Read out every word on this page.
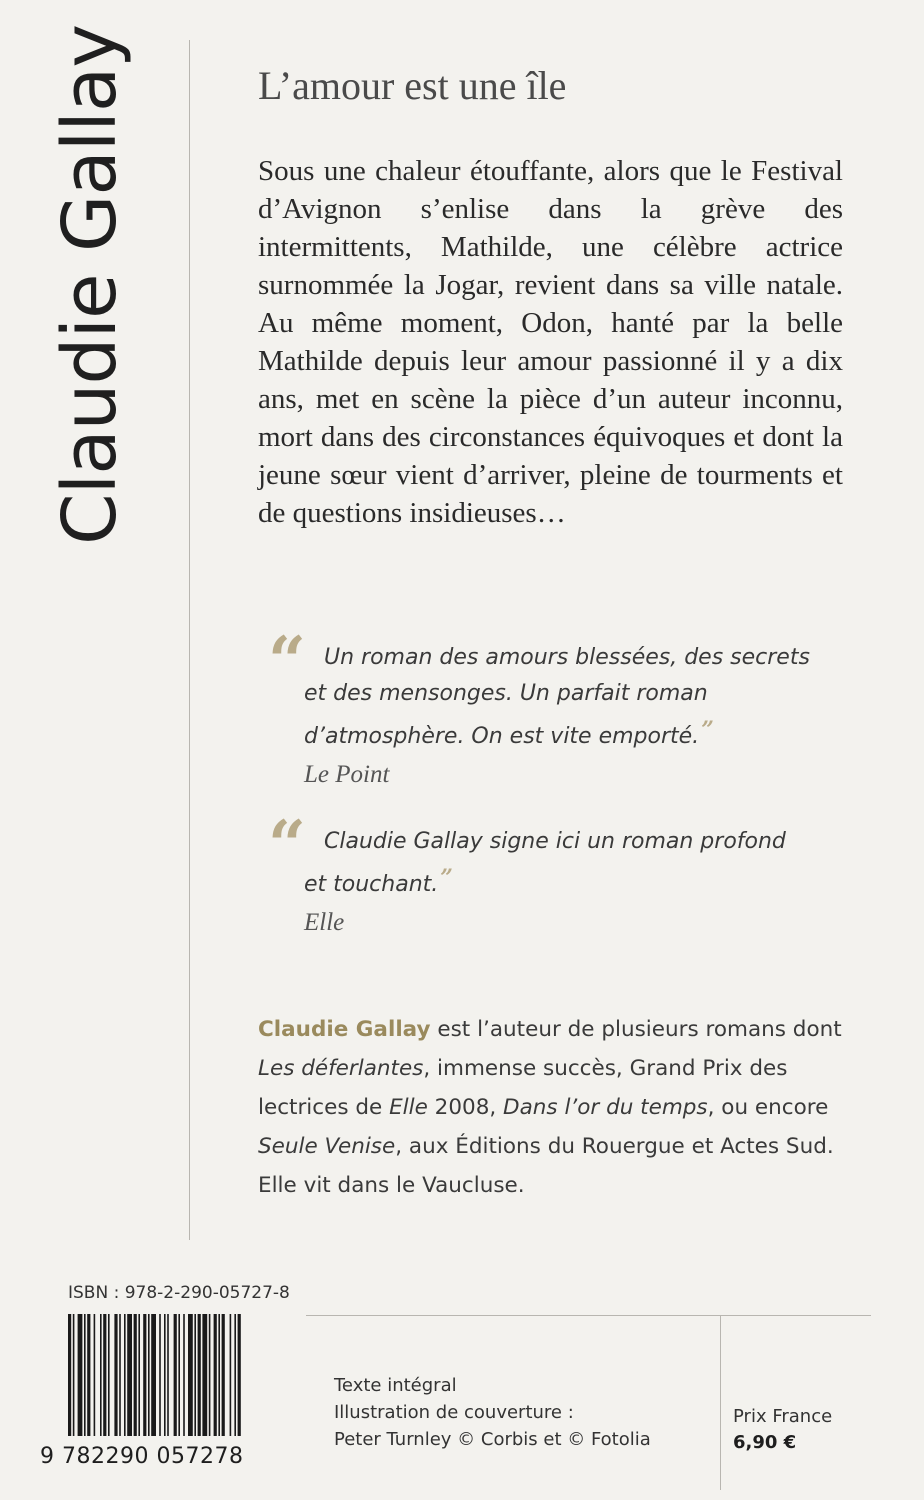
Claudie Gallay	L’amour est une île

Sous une chaleur étouffante, alors que le Festival d’Avignon s’enlise dans la grève des intermittents, Mathilde, une célèbre actrice surnommée la Jogar, revient dans sa ville natale. Au même moment, Odon, hanté par la belle Mathilde depuis leur amour passionné il y a dix ans, met en scène la pièce d’un auteur inconnu, mort dans des circonstances équivoques et dont la jeune sœur vient d’arriver, pleine de tourments et de questions insidieuses…

“ Un roman des amours blessées, des secrets
et des mensonges. Un parfait roman
d’atmosphère. On est vite emporté.”

Le Point
“ Claudie Gallay signe ici un roman profond
et touchant.”

Elle

Claudie Gallay est l’auteur de plusieurs romans dont Les déferlantes, immense succès, Grand Prix des lectrices de Elle 2008, Dans l’or du temps, ou encore Seule Venise, aux Éditions du Rouergue et Actes Sud. Elle vit dans le Vaucluse.

ISBN : 978-2-290-05727-8
9 782290 057278
Texte intégral
Illustration de couverture :
Peter Turnley © Corbis et © Fotolia
Prix France
6,90 €
